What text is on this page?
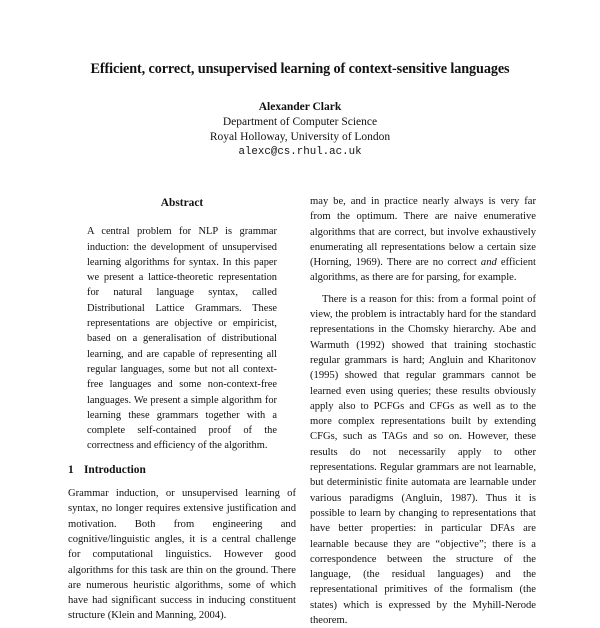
Efficient, correct, unsupervised learning of context-sensitive languages
Alexander Clark
Department of Computer Science
Royal Holloway, University of London
alexc@cs.rhul.ac.uk
Abstract

A central problem for NLP is grammar induction: the development of unsupervised learning algorithms for syntax. In this paper we present a lattice-theoretic representation for natural language syntax, called Distributional Lattice Grammars. These representations are objective or empiricist, based on a generalisation of distributional learning, and are capable of representing all regular languages, some but not all context-free languages and some non-context-free languages. We present a simple algorithm for learning these grammars together with a complete self-contained proof of the correctness and efficiency of the algorithm.

1 Introduction

Grammar induction, or unsupervised learning of syntax, no longer requires extensive justification and motivation. Both from engineering and cognitive/linguistic angles, it is a central challenge for computational linguistics. However good algorithms for this task are thin on the ground. There are numerous heuristic algorithms, some of which have had significant success in inducing constituent structure (Klein and Manning, 2004).

may be, and in practice nearly always is very far from the optimum. There are naive enumerative algorithms that are correct, but involve exhaustively enumerating all representations below a certain size (Horning, 1969). There are no correct and efficient algorithms, as there are for parsing, for example.

There is a reason for this: from a formal point of view, the problem is intractably hard for the standard representations in the Chomsky hierarchy. Abe and Warmuth (1992) showed that training stochastic regular grammars is hard; Angluin and Kharitonov (1995) showed that regular grammars cannot be learned even using queries; these results obviously apply also to PCFGs and CFGs as well as to the more complex representations built by extending CFGs, such as TAGs and so on. However, these results do not necessarily apply to other representations. Regular grammars are not learnable, but deterministic finite automata are learnable under various paradigms (Angluin, 1987). Thus it is possible to learn by changing to representations that have better properties: in particular DFAs are learnable because they are “objective”; there is a correspondence between the structure of the language, (the residual languages) and the representational primitives of the formalism (the states) which is expressed by the Myhill-Nerode theorem.
